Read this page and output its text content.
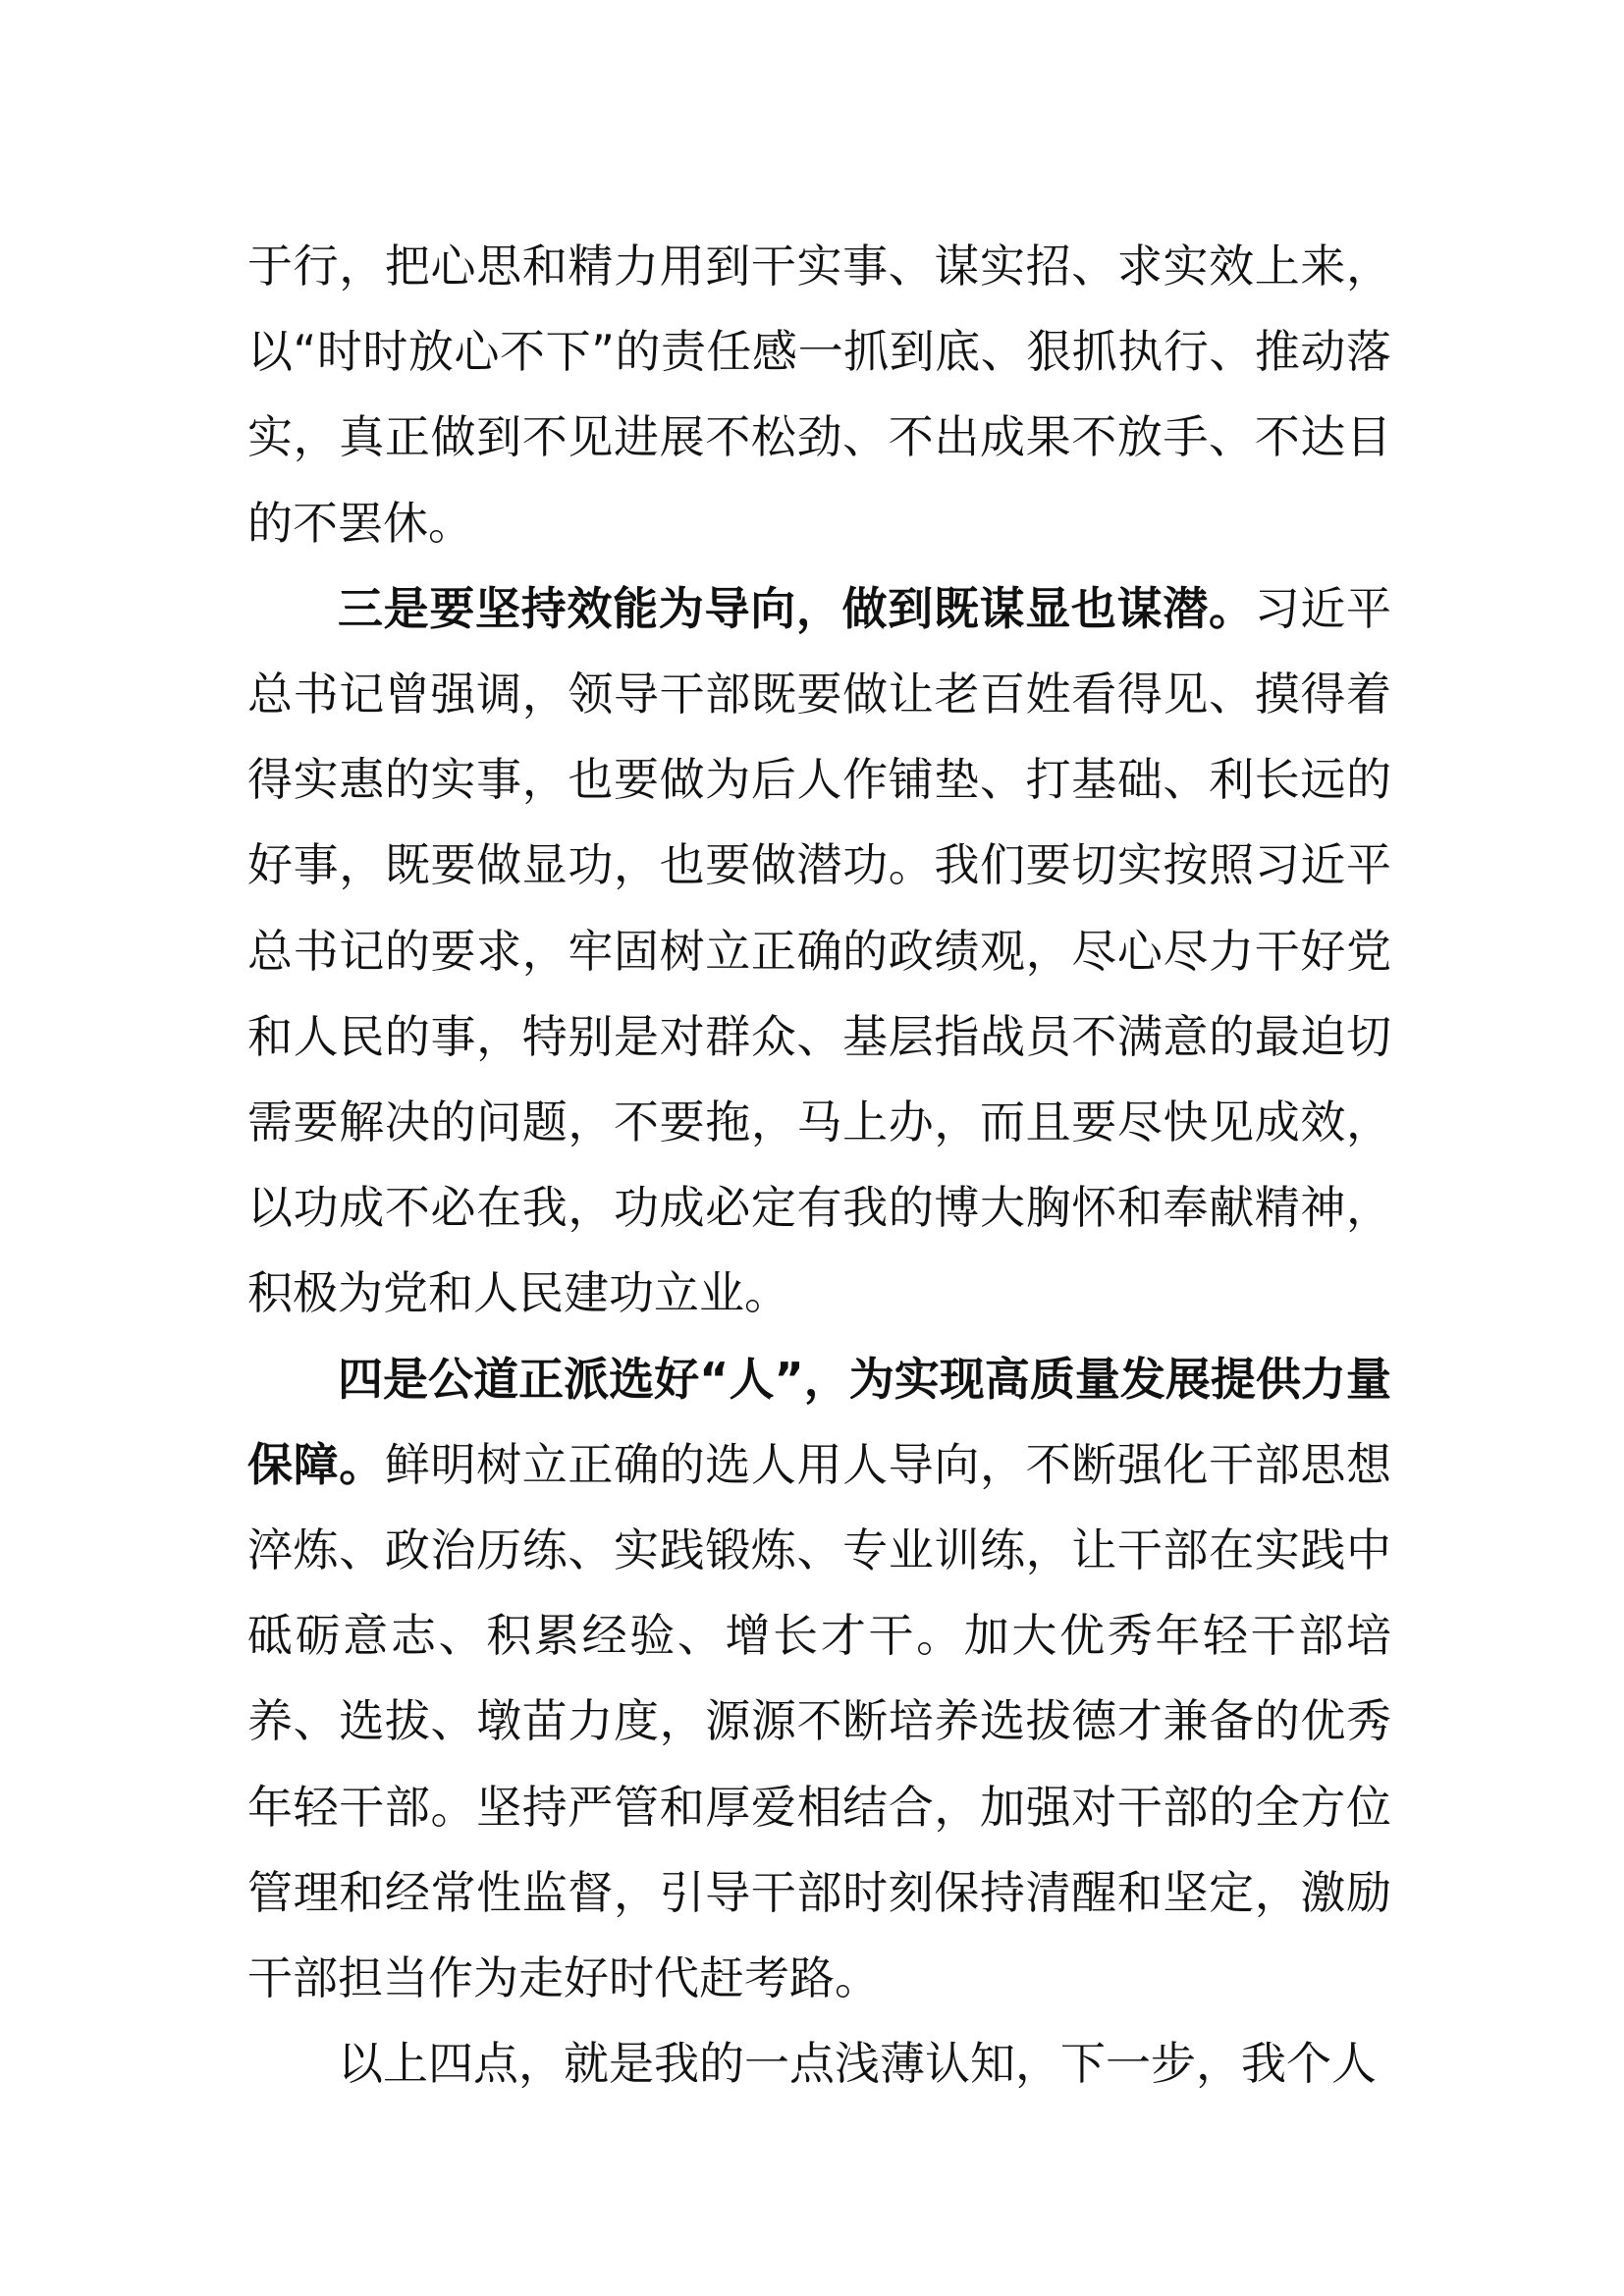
于行，把心思和精力用到干实事、谋实招、求实效上来，以“时时放心不下”的责任感一抓到底、狠抓执行、推动落实，真正做到不见进展不松劲、不出成果不放手、不达目的不罢休。

三是要坚持效能为导向，做到既谋显也谋潜。习近平总书记曾强调，领导干部既要做让老百姓看得见、摸得着得实惠的实事，也要做为后人作铺垫、打基础、利长远的好事，既要做显功，也要做潜功。我们要切实按照习近平总书记的要求，牢固树立正确的政绩观，尽心尽力干好党和人民的事，特别是对群众、基层指战员不满意的最迫切需要解决的问题，不要拖，马上办，而且要尽快见成效，以功成不必在我，功成必定有我的博大胸怀和奉献精神，积极为党和人民建功立业。

四是公道正派选好“人”，为实现高质量发展提供力量保障。鲜明树立正确的选人用人导向，不断强化干部思想淬炼、政治历练、实践锻炼、专业训练，让干部在实践中砥砺意志、积累经验、增长才干。加大优秀年轻干部培养、选拔、墩苗力度，源源不断培养选拔德才兼备的优秀年轻干部。坚持严管和厚爱相结合，加强对干部的全方位管理和经常性监督，引导干部时刻保持清醒和坚定，激励干部担当作为走好时代赶考路。

以上四点，就是我的一点浅薄认知，下一步，我个人
